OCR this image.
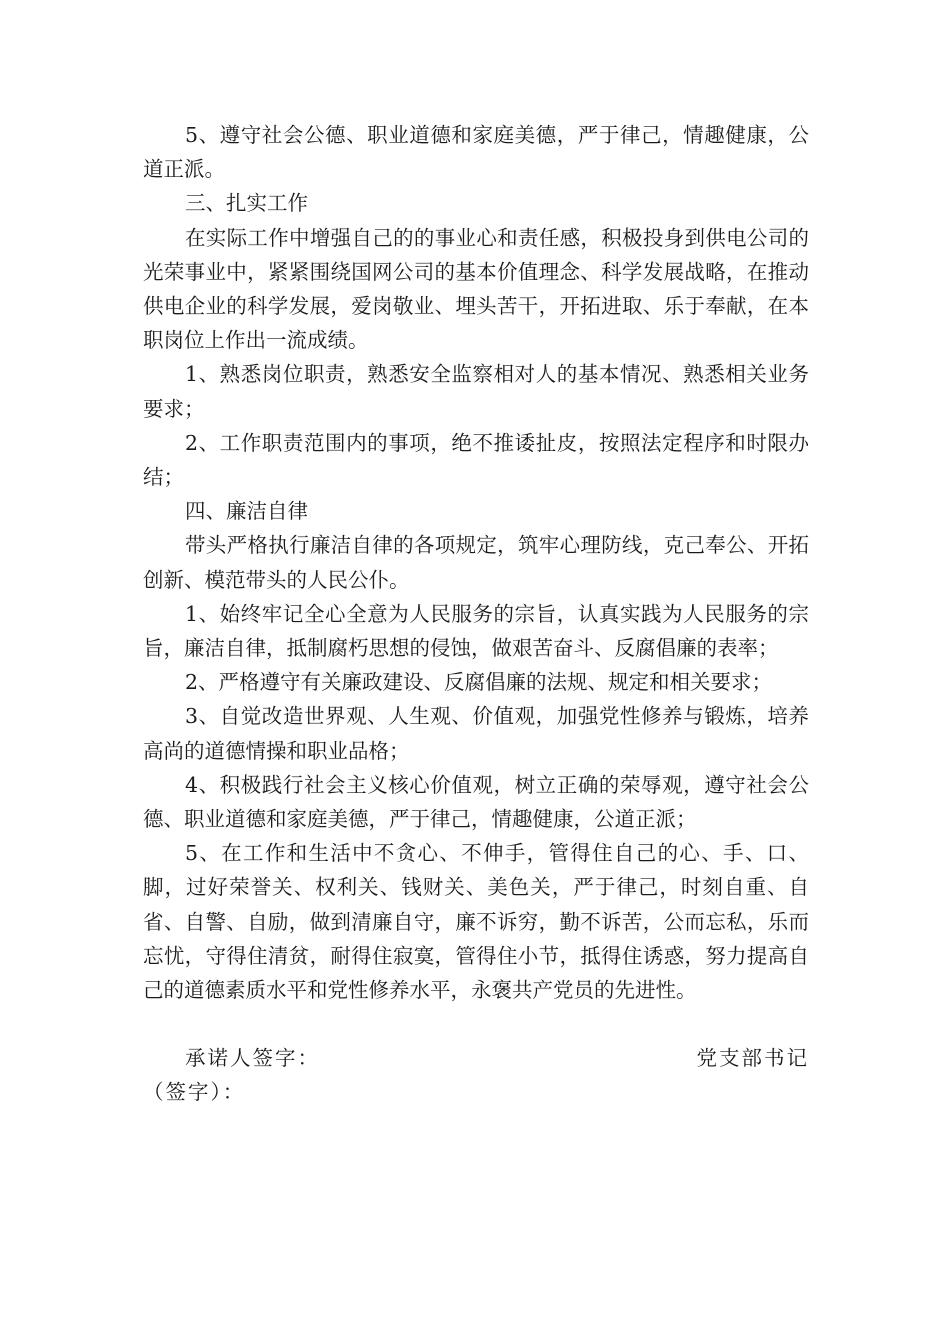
5、遵守社会公德、职业道德和家庭美德，严于律己，情趣健康，公道正派。

三、扎实工作

在实际工作中增强自己的的事业心和责任感，积极投身到供电公司的光荣事业中，紧紧围绕国网公司的基本价值理念、科学发展战略，在推动供电企业的科学发展，爱岗敬业、埋头苦干，开拓进取、乐于奉献，在本职岗位上作出一流成绩。

1、熟悉岗位职责，熟悉安全监察相对人的基本情况、熟悉相关业务要求；

2、工作职责范围内的事项，绝不推诿扯皮，按照法定程序和时限办结；

四、廉洁自律

带头严格执行廉洁自律的各项规定，筑牢心理防线，克己奉公、开拓创新、模范带头的人民公仆。

1、始终牢记全心全意为人民服务的宗旨，认真实践为人民服务的宗旨，廉洁自律，抵制腐朽思想的侵蚀，做艰苦奋斗、反腐倡廉的表率；

2、严格遵守有关廉政建设、反腐倡廉的法规、规定和相关要求；

3、自觉改造世界观、人生观、价值观，加强党性修养与锻炼，培养高尚的道德情操和职业品格；

4、积极践行社会主义核心价值观，树立正确的荣辱观，遵守社会公德、职业道德和家庭美德，严于律己，情趣健康，公道正派；

5、在工作和生活中不贪心、不伸手，管得住自己的心、手、口、脚，过好荣誉关、权利关、钱财关、美色关，严于律己，时刻自重、自省、自警、自励，做到清廉自守，廉不诉穷，勤不诉苦，公而忘私，乐而忘忧，守得住清贫，耐得住寂寞，管得住小节，抵得住诱惑，努力提高自己的道德素质水平和党性修养水平，永褒共产党员的先进性。

承诺人签字：	党支部书记

（签字）：
